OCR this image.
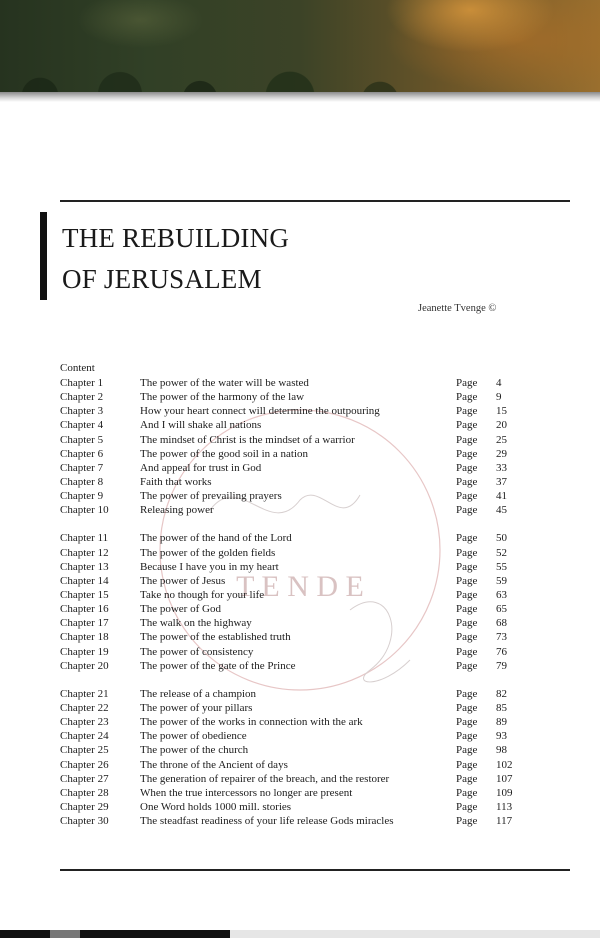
THE REBUILDING
OF JERUSALEM
Jeanette Tvenge ©
T E N D E
Content
Chapter 1	The power of the water will be wasted	Page 4
Chapter 2	The power of the harmony of the law	Page 9
Chapter 3	How your heart connect will determine the outpouring	Page 15
Chapter 4	And I will shake all nations	Page 20
Chapter 5	The mindset of Christ is the mindset of a warrior	Page 25
Chapter 6	The power of the good soil in a nation	Page 29
Chapter 7	And appeal for trust in God	Page 33
Chapter 8	Faith that works	Page 37
Chapter 9	The power of prevailing prayers	Page 41
Chapter 10	Releasing power	Page 45
Chapter 11	The power of the hand of the Lord	Page 50
Chapter 12	The power of the golden fields	Page 52
Chapter 13	Because I have you in my heart	Page 55
Chapter 14	The power of Jesus	Page 59
Chapter 15	Take no though for your life	Page 63
Chapter 16	The power of God	Page 65
Chapter 17	The walk on the highway	Page 68
Chapter 18	The power of the established truth	Page 73
Chapter 19	The power of consistency	Page 76
Chapter 20	The power of the gate of the Prince	Page 79
Chapter 21	The release of a champion	Page 82
Chapter 22	The power of your pillars	Page 85
Chapter 23	The power of the works in connection with the ark	Page 89
Chapter 24	The power of obedience	Page 93
Chapter 25	The power of the church	Page 98
Chapter 26	The throne of the Ancient of days	Page 102
Chapter 27	The generation of repairer of the breach, and the restorer	Page 107
Chapter 28	When the true intercessors no longer are present	Page 109
Chapter 29	One Word holds 1000 mill. stories	Page 113
Chapter 30	The steadfast readiness of your life release Gods miracles	Page 117
